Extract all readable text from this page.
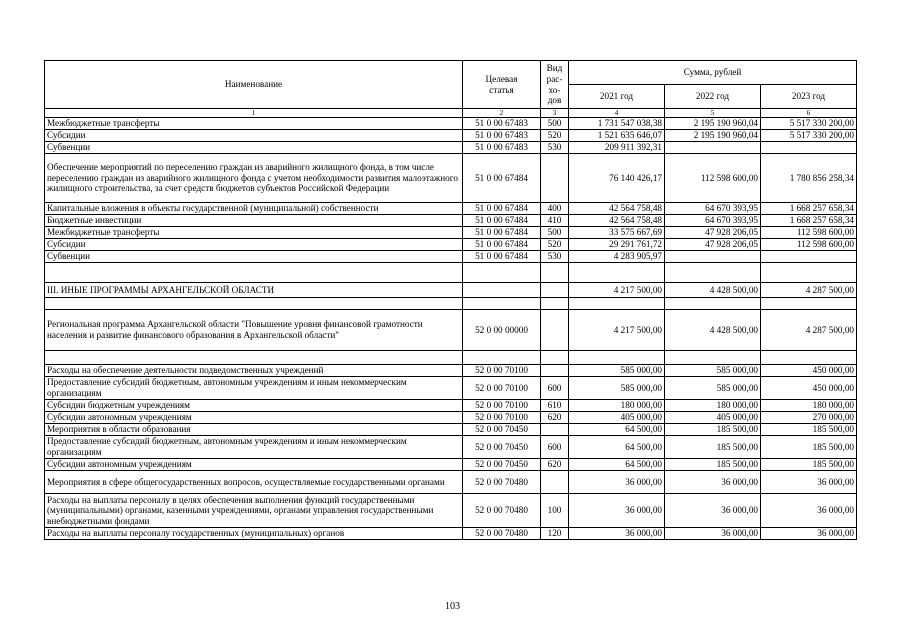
Наименование	Целевая статья	Вид
рас-
хо-
дов	Сумма, рублей		
			2021 год	2022 год	2023 год
1	2	3	4	5	6
Межбюджетные трансферты	51 0 00 67483	500	1 731 547 038,38	2 195 190 960,04	5 517 330 200,00
Субсидии	51 0 00 67483	520	1 521 635 646,07	2 195 190 960,04	5 517 330 200,00
Субвенции	51 0 00 67483	530	209 911 392,31		
Обеспечение мероприятий по переселению граждан из аварийного жилищного фонда, в том числе переселению граждан из аварийного жилищного фонда с учетом необходимости развития малоэтажного жилищного строительства, за счет средств бюджетов субъектов Российской Федерации	51 0 00 67484		76 140 426,17	112 598 600,00	1 780 856 258,34
Капитальные вложения в объекты государственной (муниципальной) собственности	51 0 00 67484	400	42 564 758,48	64 670 393,95	1 668 257 658,34
Бюджетные инвестиции	51 0 00 67484	410	42 564 758,48	64 670 393,95	1 668 257 658,34
Межбюджетные трансферты	51 0 00 67484	500	33 575 667,69	47 928 206,05	112 598 600,00
Субсидии	51 0 00 67484	520	29 291 761,72	47 928 206,05	112 598 600,00
Субвенции	51 0 00 67484	530	4 283 905,97		

III. ИНЫЕ ПРОГРАММЫ АРХАНГЕЛЬСКОЙ ОБЛАСТИ			4 217 500,00	4 428 500,00	4 287 500,00

Региональная программа Архангельской области "Повышение уровня финансовой грамотности населения и развитие финансового образования в Архангельской области"	52 0 00 00000		4 217 500,00	4 428 500,00	4 287 500,00

Расходы на обеспечение деятельности подведомственных учреждений	52 0 00 70100		585 000,00	585 000,00	450 000,00
Предоставление субсидий бюджетным, автономным учреждениям и иным некоммерческим организациям	52 0 00 70100	600	585 000,00	585 000,00	450 000,00
Субсидии бюджетным учреждениям	52 0 00 70100	610	180 000,00	180 000,00	180 000,00
Субсидии автономным учреждениям	52 0 00 70100	620	405 000,00	405 000,00	270 000,00
Мероприятия в области образования	52 0 00 70450		64 500,00	185 500,00	185 500,00
Предоставление субсидий бюджетным, автономным учреждениям и иным некоммерческим организациям	52 0 00 70450	600	64 500,00	185 500,00	185 500,00
Субсидии автономным учреждениям	52 0 00 70450	620	64 500,00	185 500,00	185 500,00
Мероприятия в сфере общегосударственных вопросов, осуществляемые государственными органами	52 0 00 70480		36 000,00	36 000,00	36 000,00
Расходы на выплаты персоналу в целях обеспечения выполнения функций государственными (муниципальными) органами, казенными учреждениями, органами управления государственными внебюджетными фондами	52 0 00 70480	100	36 000,00	36 000,00	36 000,00
Расходы на выплаты персоналу государственных (муниципальных) органов	52 0 00 70480	120	36 000,00	36 000,00	36 000,00
103
